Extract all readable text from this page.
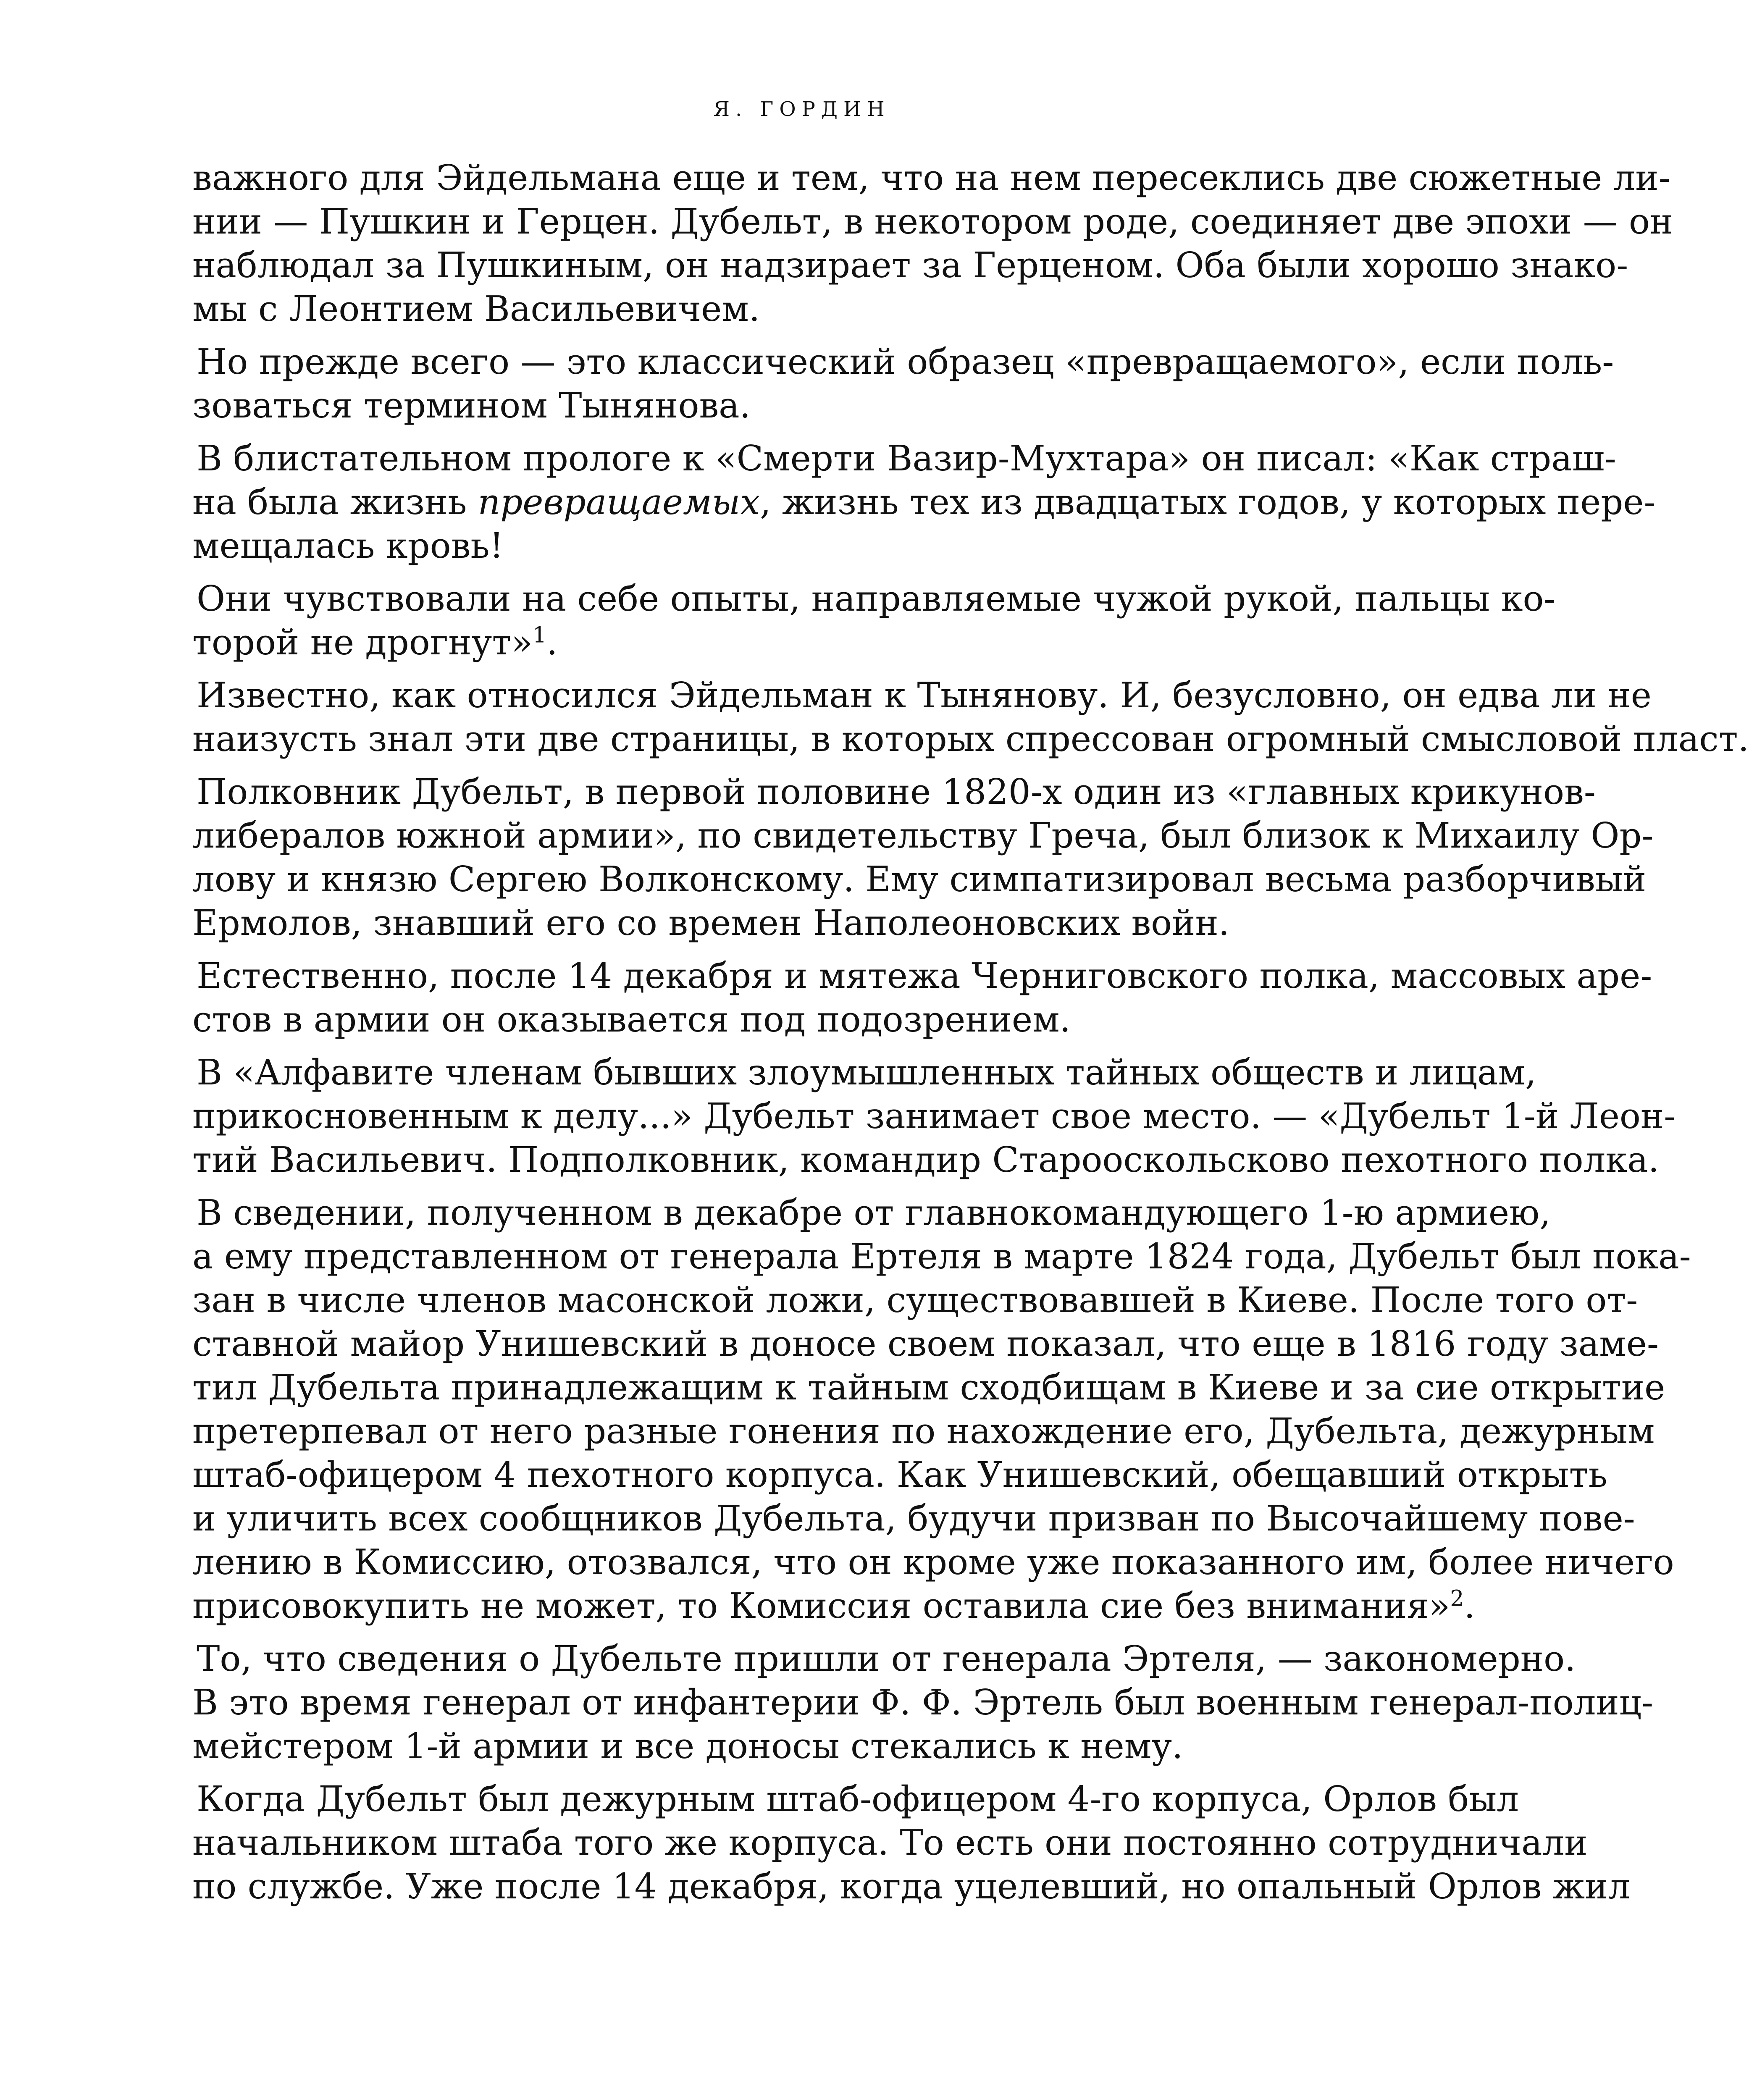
Я. ГОРДИН
важного для Эйдельмана еще и тем, что на нем пересеклись две сюжетные ли-
нии — Пушкин и Герцен. Дубельт, в некотором роде, соединяет две эпохи — он
наблюдал за Пушкиным, он надзирает за Герценом. Оба были хорошо знако-
мы с Леонтием Васильевичем.
Но прежде всего — это классический образец «превращаемого», если поль-
зоваться термином Тынянова.
В блистательном прологе к «Смерти Вазир-Мухтара» он писал: «Как страш-
на была жизнь превращаемых, жизнь тех из двадцатых годов, у которых пере-
мещалась кровь!
Они чувствовали на себе опыты, направляемые чужой рукой, пальцы ко-
торой не дрогнут»$^1$.
Известно, как относился Эйдельман к Тынянову. И, безусловно, он едва ли не
наизусть знал эти две страницы, в которых спрессован огромный смысловой пласт.
Полковник Дубельт, в первой половине 1820-х один из «главных крикунов-
либералов южной армии», по свидетельству Греча, был близок к Михаилу Ор-
лову и князю Сергею Волконскому. Ему симпатизировал весьма разборчивый
Ермолов, знавший его со времен Наполеоновских войн.
Естественно, после 14 декабря и мятежа Черниговского полка, массовых аре-
стов в армии он оказывается под подозрением.
В «Алфавите членам бывших злоумышленных тайных обществ и лицам,
прикосновенным к делу...» Дубельт занимает свое место. — «Дубельт 1-й Леон-
тий Васильевич. Подполковник, командир Старооскольсково пехотного полка.
В сведении, полученном в декабре от главнокомандующего 1-ю армиею,
а ему представленном от генерала Ертеля в марте 1824 года, Дубельт был пока-
зан в числе членов масонской ложи, существовавшей в Киеве. После того от-
ставной майор Унишевский в доносе своем показал, что еще в 1816 году заме-
тил Дубельта принадлежащим к тайным сходбищам в Киеве и за сие открытие
претерпевал от него разные гонения по нахождение его, Дубельта, дежурным
штаб-офицером 4 пехотного корпуса. Как Унишевский, обещавший открыть
и уличить всех сообщников Дубельта, будучи призван по Высочайшему пове-
лению в Комиссию, отозвался, что он кроме уже показанного им, более ничего
присовокупить не может, то Комиссия оставила сие без внимания»$^2$.
То, что сведения о Дубельте пришли от генерала Эртеля, — закономерно.
В это время генерал от инфантерии Ф. Ф. Эртель был военным генерал-полиц-
мейстером 1-й армии и все доносы стекались к нему.
Когда Дубельт был дежурным штаб-офицером 4-го корпуса, Орлов был
начальником штаба того же корпуса. То есть они постоянно сотрудничали
по службе. Уже после 14 декабря, когда уцелевший, но опальный Орлов жил
